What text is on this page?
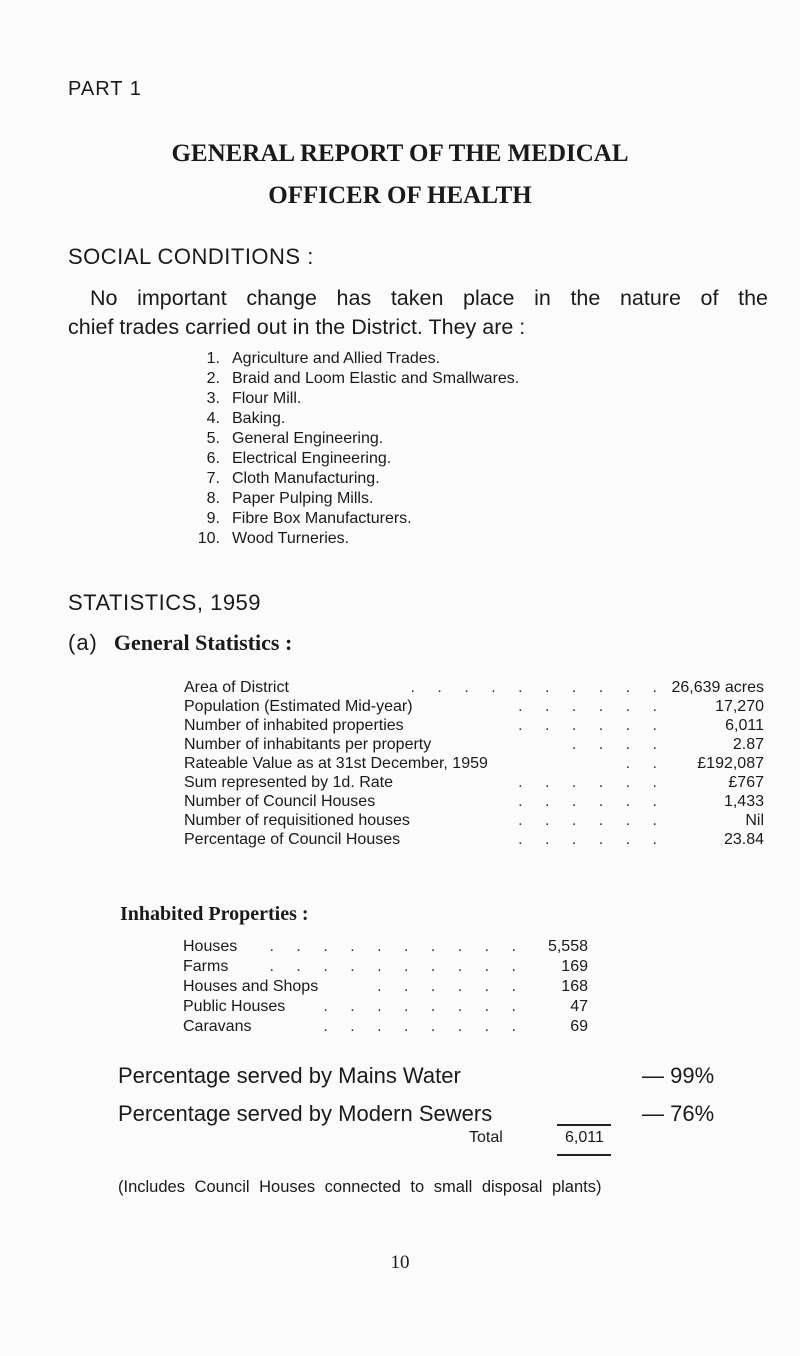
PART 1
GENERAL REPORT OF THE MEDICAL
OFFICER OF HEALTH
SOCIAL CONDITIONS :
No important change has taken place in the nature of the
chief trades carried out in the District. They are :
1. Agriculture and Allied Trades.
2. Braid and Loom Elastic and Smallwares.
3. Flour Mill.
4. Baking.
5. General Engineering.
6. Electrical Engineering.
7. Cloth Manufacturing.
8. Paper Pulping Mills.
9. Fibre Box Manufacturers.
10. Wood Turneries.
STATISTICS, 1959
(a) General Statistics :
. . . . . . . . . .
Area of District	26,639 acres
. . . . . .
Population (Estimated Mid-year)	17,270
. . . . . .
Number of inhabited properties	6,011
. . . .
Number of inhabitants per property	2.87
. .
Rateable Value as at 31st December, 1959	£192,087
. . . . . .
Sum represented by 1d. Rate	£767
. . . . . .
Number of Council Houses	1,433
. . . . . .
Number of requisitioned houses	Nil
. . . . . .
Percentage of Council Houses	23.84
Inhabited Properties :
. . . . . . . . . .
Houses	5,558
. . . . . . . . . .
Farms	169
. . . . . .
Houses and Shops	168
. . . . . . . .
Public Houses	47
. . . . . . . .
Caravans	69
Total	6,011
Percentage served by Mains Water	— 99%
Percentage served by Modern Sewers	— 76%
(Includes Council Houses connected to small disposal plants)
10
